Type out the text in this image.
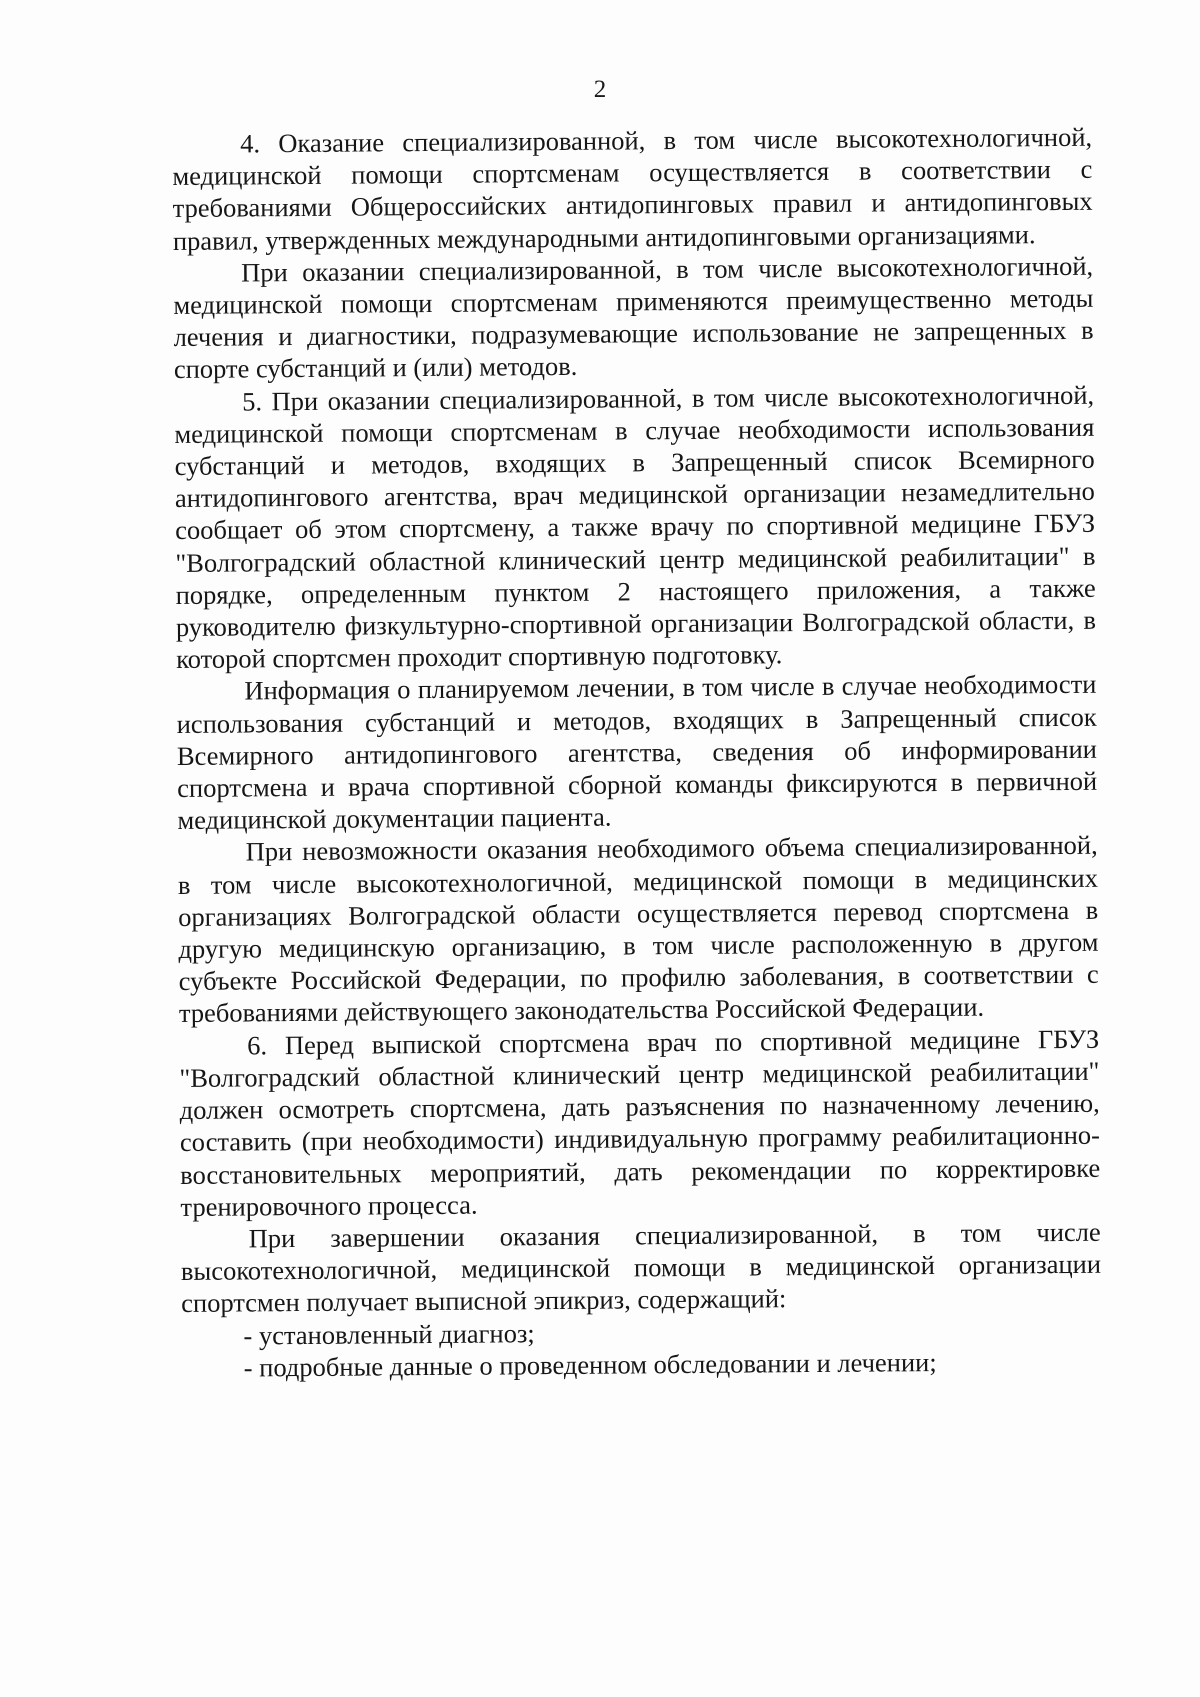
2

4. Оказание специализированной, в том числе высокотехнологичной, медицинской помощи спортсменам осуществляется в соответствии с требованиями Общероссийских антидопинговых правил и антидопинговых правил, утвержденных международными антидопинговыми организациями.

При оказании специализированной, в том числе высокотехнологичной, медицинской помощи спортсменам применяются преимущественно методы лечения и диагностики, подразумевающие использование не запрещенных в спорте субстанций и (или) методов.

5. При оказании специализированной, в том числе высокотехнологичной, медицинской помощи спортсменам в случае необходимости использования субстанций и методов, входящих в Запрещенный список Всемирного антидопингового агентства, врач медицинской организации незамедлительно сообщает об этом спортсмену, а также врачу по спортивной медицине ГБУЗ "Волгоградский областной клинический центр медицинской реабилитации" в порядке, определенным пунктом 2 настоящего приложения, а также руководителю физкультурно-спортивной организации Волгоградской области, в которой спортсмен проходит спортивную подготовку.

Информация о планируемом лечении, в том числе в случае необходимости использования субстанций и методов, входящих в Запрещенный список Всемирного антидопингового агентства, сведения об информировании спортсмена и врача спортивной сборной команды фиксируются в первичной медицинской документации пациента.

При невозможности оказания необходимого объема специализированной, в том числе высокотехнологичной, медицинской помощи в медицинских организациях Волгоградской области осуществляется перевод спортсмена в другую медицинскую организацию, в том числе расположенную в другом субъекте Российской Федерации, по профилю заболевания, в соответствии с требованиями действующего законодательства Российской Федерации.

6. Перед выпиской спортсмена врач по спортивной медицине ГБУЗ "Волгоградский областной клинический центр медицинской реабилитации" должен осмотреть спортсмена, дать разъяснения по назначенному лечению, составить (при необходимости) индивидуальную программу реабилитационно-восстановительных мероприятий, дать рекомендации по корректировке тренировочного процесса.

При завершении оказания специализированной, в том числе высокотехнологичной, медицинской помощи в медицинской организации спортсмен получает выписной эпикриз, содержащий:

- установленный диагноз;

- подробные данные о проведенном обследовании и лечении;
